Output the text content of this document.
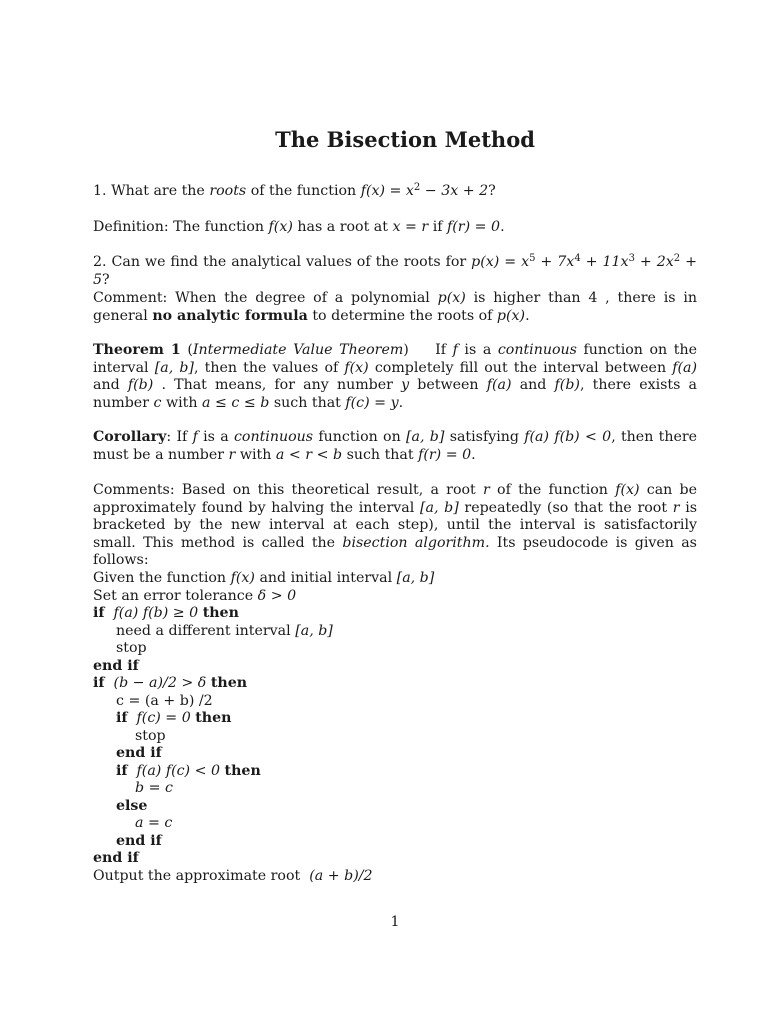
The Bisection Method
1. What are the roots of the function $f(x) = x^2 - 3x + 2$?
Definition: The function f(x) has a root at x = r if f(r) = 0.
2. Can we find the analytical values of the roots for $p(x) = x^5 + 7x^4 + 11x^3 + 2x^2 + 5$?
Comment: When the degree of a polynomial p(x) is higher than 4 , there is in general no analytic formula to determine the roots of p(x).
Theorem 1 (Intermediate Value Theorem)    If f is a continuous function on the interval [a, b], then the values of f(x) completely fill out the interval between f(a) and f(b) . That means, for any number y between f(a) and f(b), there exists a number c with a ≤ c ≤ b such that f(c) = y.
Corollary: If f is a continuous function on [a, b] satisfying f(a) f(b) < 0, then there must be a number r with a < r < b such that f(r) = 0.
Comments: Based on this theoretical result, a root r of the function f(x) can be approximately found by halving the interval [a, b] repeatedly (so that the root r is bracketed by the new interval at each step), until the interval is satisfactorily small. This method is called the bisection algorithm. Its pseudocode is given as follows:
Given the function f(x) and initial interval [a, b]
Set an error tolerance δ > 0
if f(a) f(b) ≥ 0 then
need a different interval [a, b]
stop
end if
if (b − a)/2 > δ then
c = (a + b) /2
if f(c) = 0 then
stop
end if
if f(a) f(c) < 0 then
b = c
else
a = c
end if
end if
Output the approximate root (a + b)/2
1
